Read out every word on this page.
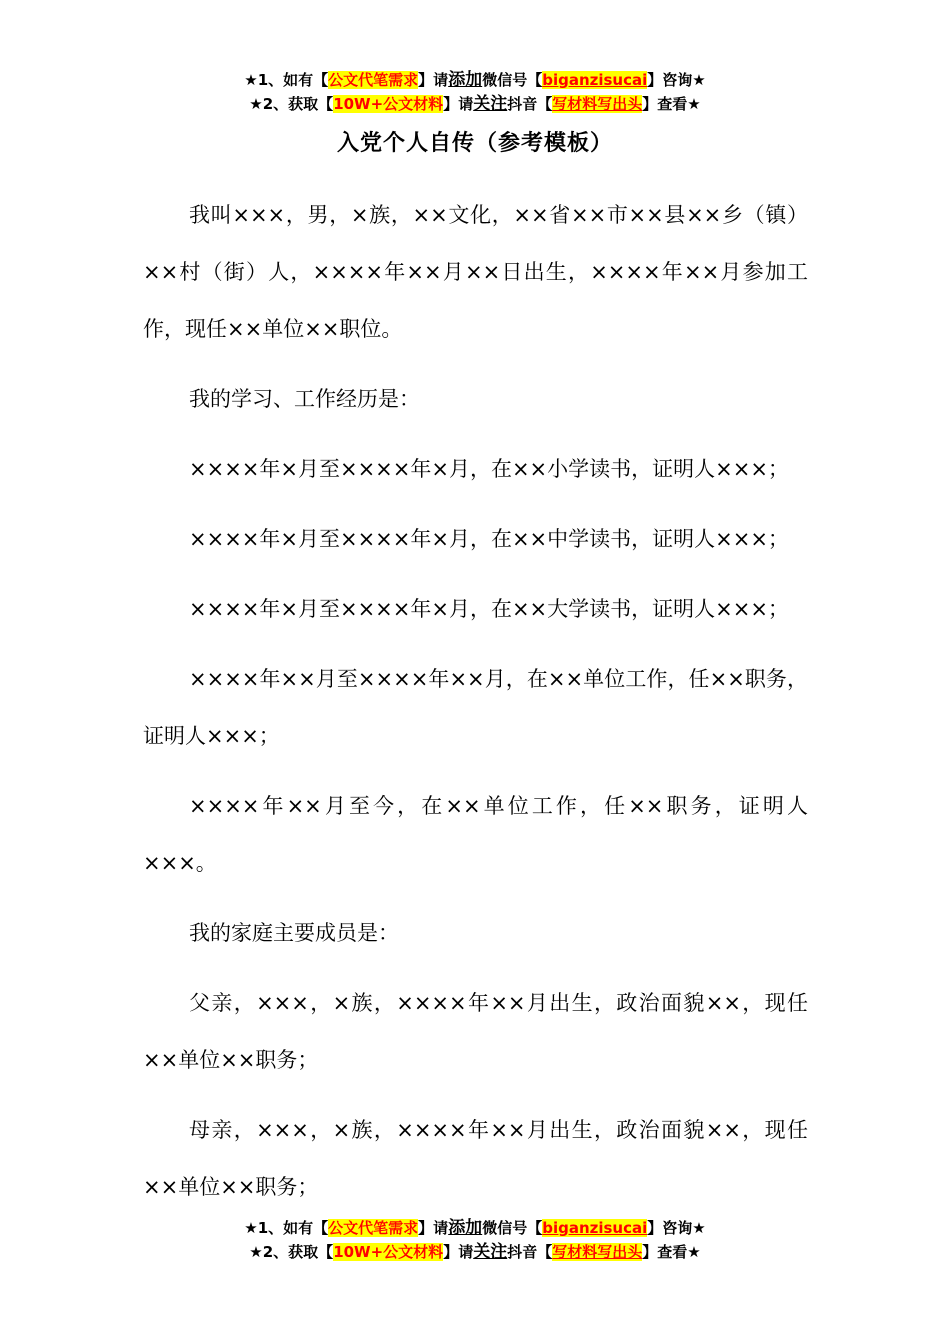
★1、如有【公文代笔需求】请添加微信号【biganzisucai】咨询★
★2、获取【10W+公文材料】请关注抖音【写材料写出头】查看★
入党个人自传（参考模板）

我叫×××，男，×族，××文化，××省××市××县××乡（镇）××村（街）人，××××年××月××日出生，××××年××月参加工作，现任××单位××职位。

我的学习、工作经历是：

××××年×月至××××年×月，在××小学读书，证明人×××；

××××年×月至××××年×月，在××中学读书，证明人×××；

××××年×月至××××年×月，在××大学读书，证明人×××；

××××年××月至××××年××月，在××单位工作，任××职务，证明人×××；

××××年××月至今，在××单位工作，任××职务，证明人×××。

我的家庭主要成员是：

父亲，×××，×族，××××年××月出生，政治面貌××，现任××单位××职务；

母亲，×××，×族，××××年××月出生，政治面貌××，现任××单位××职务；

★1、如有【公文代笔需求】请添加微信号【biganzisucai】咨询★
★2、获取【10W+公文材料】请关注抖音【写材料写出头】查看★
